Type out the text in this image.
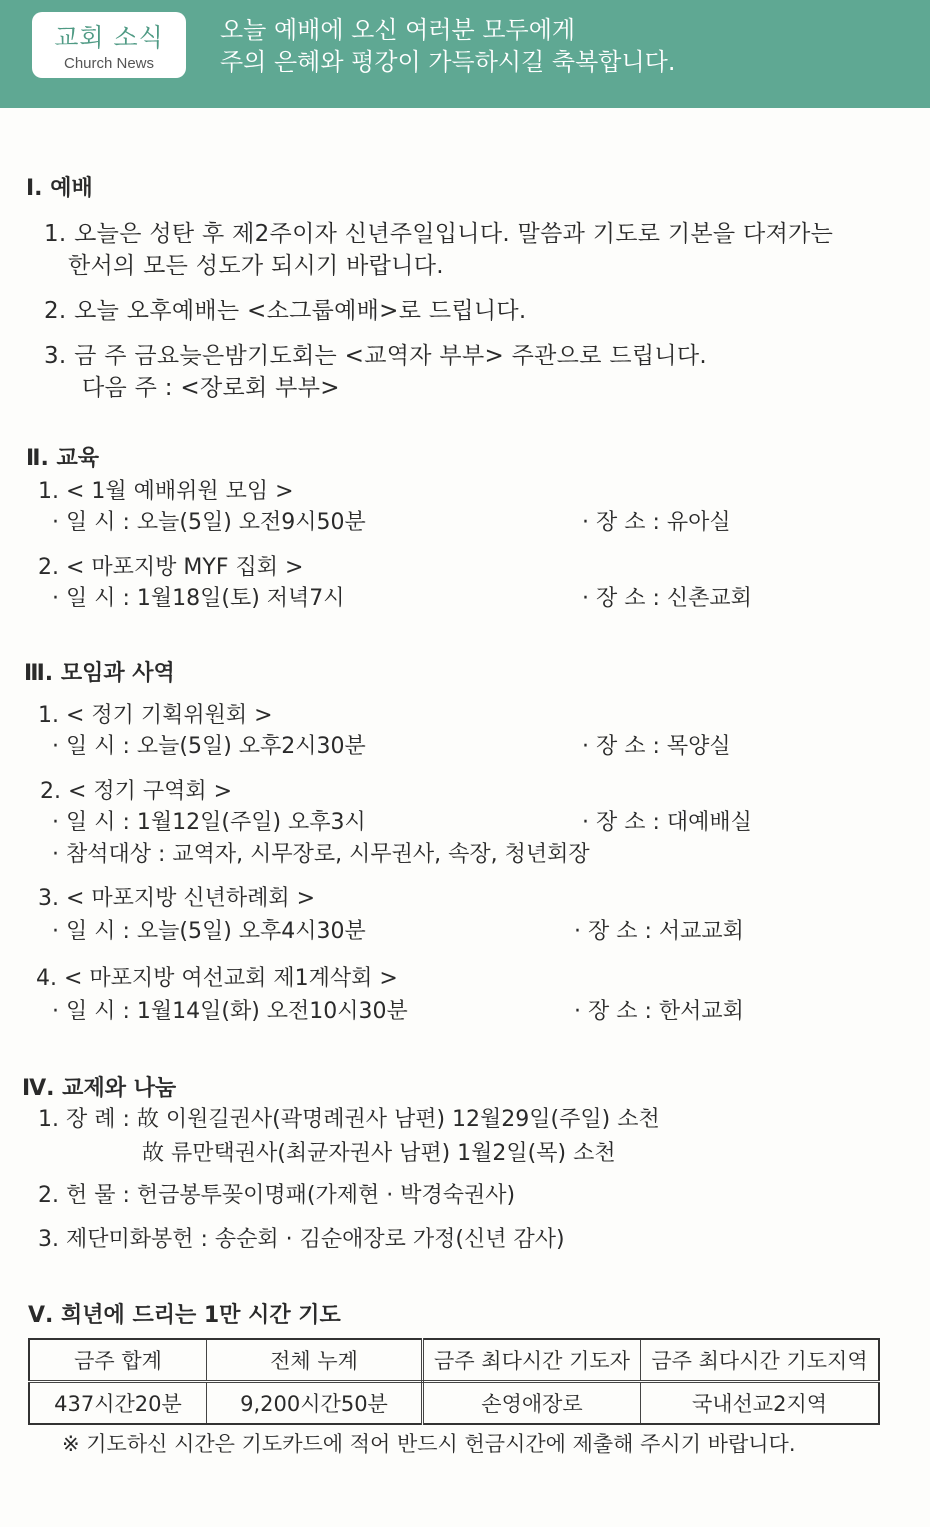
교회 소식
Church News
오늘 예배에 오신 여러분 모두에게
주의 은혜와 평강이 가득하시길 축복합니다.
Ⅰ. 예배
1. 오늘은 성탄 후 제2주이자 신년주일입니다. 말씀과 기도로 기본을 다져가는
한서의 모든 성도가 되시기 바랍니다.
2. 오늘 오후예배는 <소그룹예배>로 드립니다.
3. 금 주 금요늦은밤기도회는 <교역자 부부> 주관으로 드립니다.
다음 주 : <장로회 부부>
Ⅱ. 교육
1. < 1월 예배위원 모임 >
· 일 시 : 오늘(5일) 오전9시50분	· 장 소 : 유아실
2. < 마포지방 MYF 집회 >
· 일 시 : 1월18일(토) 저녁7시	· 장 소 : 신촌교회
Ⅲ. 모임과 사역
1. < 정기 기획위원회 >
· 일 시 : 오늘(5일) 오후2시30분	· 장 소 : 목양실
2. < 정기 구역회 >
· 일 시 : 1월12일(주일) 오후3시	· 장 소 : 대예배실
· 참석대상 : 교역자, 시무장로, 시무권사, 속장, 청년회장
3. < 마포지방 신년하례회 >
· 일 시 : 오늘(5일) 오후4시30분	· 장 소 : 서교교회
4. < 마포지방 여선교회 제1계삭회 >
· 일 시 : 1월14일(화) 오전10시30분	· 장 소 : 한서교회
Ⅳ. 교제와 나눔
1. 장 례 : 故 이원길권사(곽명례권사 남편) 12월29일(주일) 소천
故 류만택권사(최균자권사 남편) 1월2일(목) 소천
2. 헌 물 : 헌금봉투꽂이명패(가제현 · 박경숙권사)
3. 제단미화봉헌 : 송순회 · 김순애장로 가정(신년 감사)
Ⅴ. 희년에 드리는 1만 시간 기도
금주 합계	전체 누계	금주 최다시간 기도자	금주 최다시간 기도지역
437시간20분	9,200시간50분	손영애장로	국내선교2지역
※ 기도하신 시간은 기도카드에 적어 반드시 헌금시간에 제출해 주시기 바랍니다.
